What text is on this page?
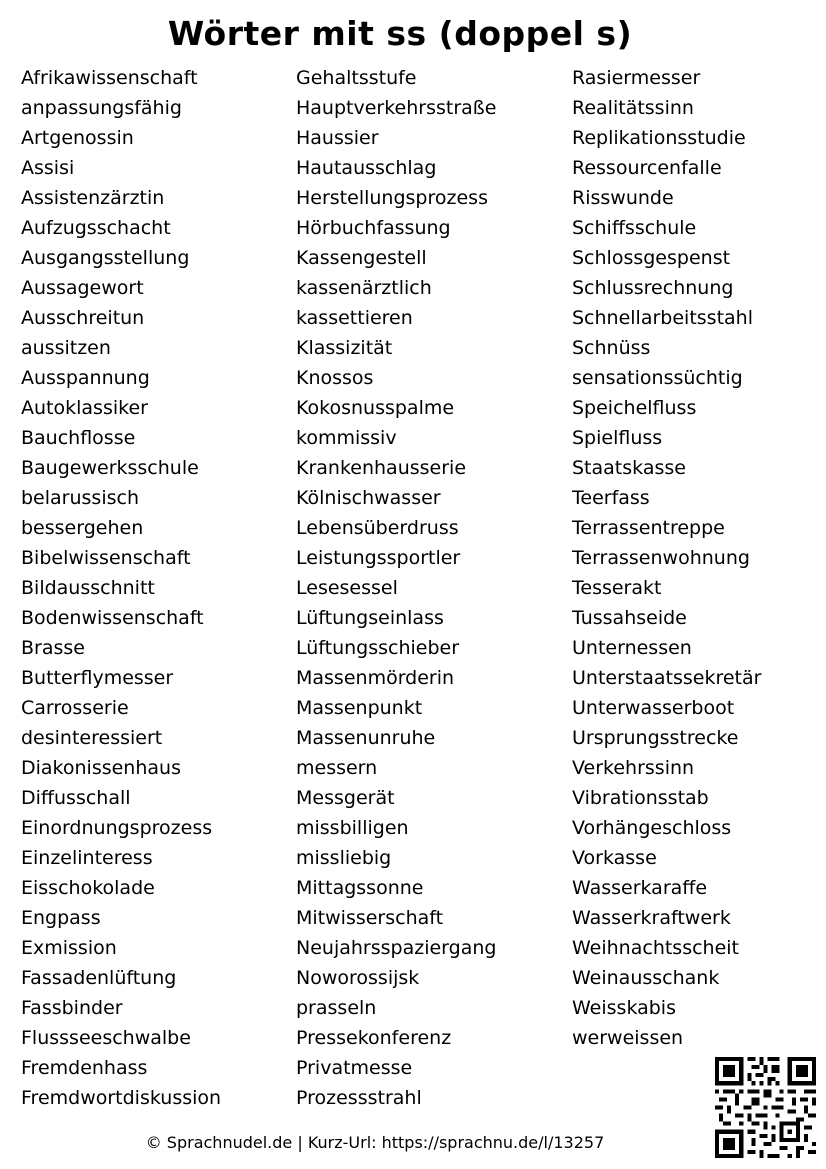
Wörter mit ss (doppel s)
Afrikawissenschaft
anpassungsfähig
Artgenossin
Assisi
Assistenzärztin
Aufzugsschacht
Ausgangsstellung
Aussagewort
Ausschreitun
aussitzen
Ausspannung
Autoklassiker
Bauchflosse
Baugewerksschule
belarussisch
bessergehen
Bibelwissenschaft
Bildausschnitt
Bodenwissenschaft
Brasse
Butterflymesser
Carrosserie
desinteressiert
Diakonissenhaus
Diffusschall
Einordnungsprozess
Einzelinteress
Eisschokolade
Engpass
Exmission
Fassadenlüftung
Fassbinder
Flussseeschwalbe
Fremdenhass
Fremdwortdiskussion
Gehaltsstufe
Hauptverkehrsstraße
Haussier
Hautausschlag
Herstellungsprozess
Hörbuchfassung
Kassengestell
kassenärztlich
kassettieren
Klassizität
Knossos
Kokosnusspalme
kommissiv
Krankenhausserie
Kölnischwasser
Lebensüberdruss
Leistungssportler
Lesesessel
Lüftungseinlass
Lüftungsschieber
Massenmörderin
Massenpunkt
Massenunruhe
messern
Messgerät
missbilligen
missliebig
Mittagssonne
Mitwisserschaft
Neujahrsspaziergang
Noworossijsk
prasseln
Pressekonferenz
Privatmesse
Prozessstrahl
Rasiermesser
Realitätssinn
Replikationsstudie
Ressourcenfalle
Risswunde
Schiffsschule
Schlossgespenst
Schlussrechnung
Schnellarbeitsstahl
Schnüss
sensationssüchtig
Speichelfluss
Spielfluss
Staatskasse
Teerfass
Terrassentreppe
Terrassenwohnung
Tesserakt
Tussahseide
Unternessen
Unterstaatssekretär
Unterwasserboot
Ursprungsstrecke
Verkehrssinn
Vibrationsstab
Vorhängeschloss
Vorkasse
Wasserkaraffe
Wasserkraftwerk
Weihnachtsscheit
Weinausschank
Weisskabis
werweissen
© Sprachnudel.de | Kurz-Url: https://sprachnu.de/l/13257
